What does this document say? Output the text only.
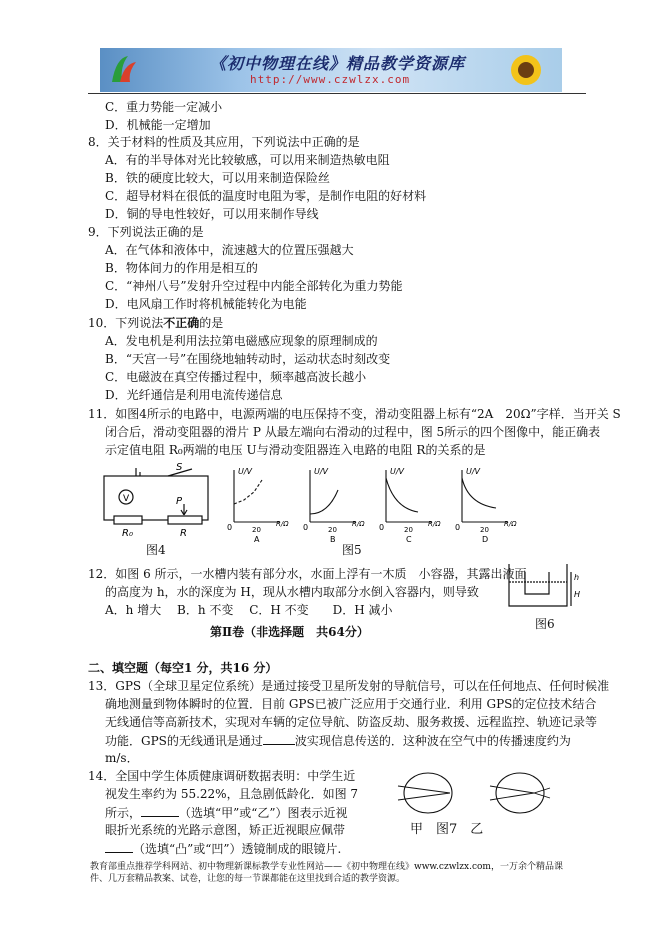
《初中物理在线》精品教学资源库
http://www.czwlzx.com
C．重力势能一定减小
D．机械能一定增加
8．关于材料的性质及其应用，下列说法中正确的是
A．有的半导体对光比较敏感，可以用来制造热敏电阻
B．铁的硬度比较大，可以用来制造保险丝
C．超导材料在很低的温度时电阻为零，是制作电阻的好材料
D．铜的导电性较好，可以用来制作导线
9．下列说法正确的是
A．在气体和液体中，流速越大的位置压强越大
B．物体间力的作用是相互的
C．“神州八号”发射升空过程中内能全部转化为重力势能
D．电风扇工作时将机械能转化为电能
10．下列说法不正确的是
A．发电机是利用法拉第电磁感应现象的原理制成的
B．“天宫一号”在围绕地轴转动时，运动状态时刻改变
C．电磁波在真空传播过程中，频率越高波长越小
D．光纤通信是利用电流传递信息
11．如图4所示的电路中，电源两端的电压保持不变，滑动变阻器上标有“2A　20Ω”字样．当开关 S
闭合后，滑动变阻器的滑片 P 从最左端向右滑动的过程中，图 5所示的四个图像中，能正确表
示定值电阻 R₀两端的电压 U与滑动变阻器连入电路的电阻 R的关系的是
V
S
P
R₀	R
U/V
R/Ω
0	20
A
U/V
R/Ω
0	20
B
U/V
R/Ω
0	20
C
U/V
R/Ω
0	20
D
图4	图5
12．如图 6 所示，一水槽内装有部分水，水面上浮有一木质　小容器，其露出液面
的高度为 h，水的深度为 H，现从水槽内取部分水倒入容器内，则导致
A．h 增大　 B．h 不变　 C．H 不变　　D．H 减小
h
H
图6
第Ⅱ卷（非选择题　共64分）
二、填空题（每空1 分，共16 分）
13．GPS（全球卫星定位系统）是通过接受卫星所发射的导航信号，可以在任何地点、任何时候准
确地测量到物体瞬时的位置．目前 GPS已被广泛应用于交通行业．利用 GPS的定位技术结合
无线通信等高新技术，实现对车辆的定位导航、防盗反劫、服务救援、远程监控、轨迹记录等
功能．GPS的无线通讯是通过	波实现信息传送的．这种波在空气中的传播速度约为
m/s．
14．全国中学生体质健康调研数据表明：中学生近
视发生率约为 55.22%，且急剧低龄化．如图 7
所示，	（选填“甲”或“乙”）图表示近视
眼折光系统的光路示意图，矫正近视眼应佩带
（选填“凸”或“凹”）透镜制成的眼镜片.
甲　图7　乙
教育部重点推荐学科网站、初中物理新课标教学专业性网站——《初中物理在线》www.czwlzx.com，一万余个精品课
件、几万套精品教案、试卷，让您的每一节课都能在这里找到合适的教学资源。
